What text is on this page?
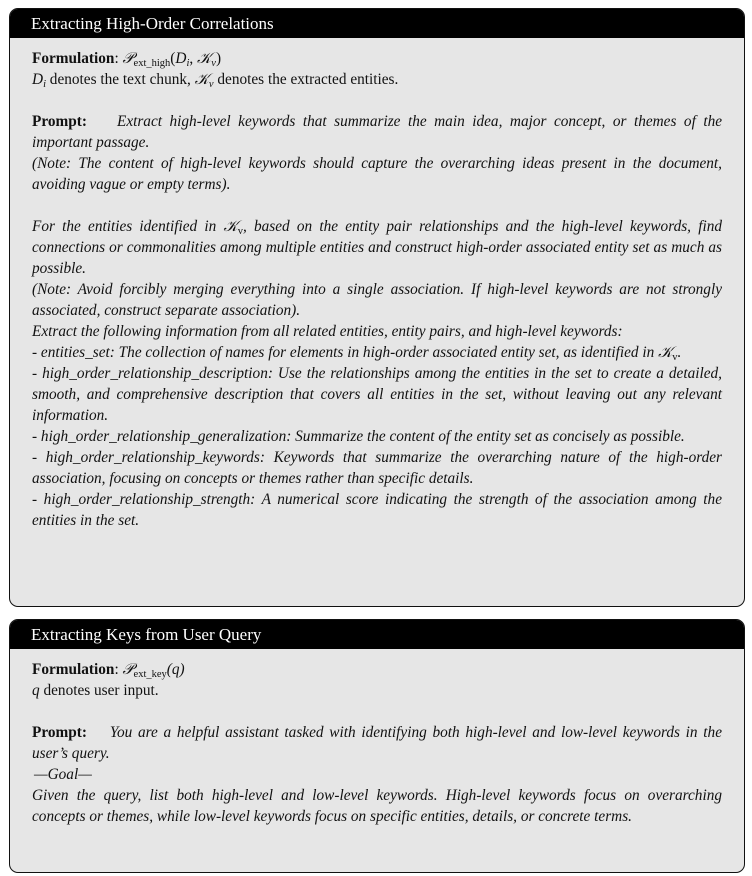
Extracting High-Order Correlations

Formulation: $𝒫_{ext\_high}(D_i$, 𝒦$_v$)

$D_i$ denotes the text chunk, 𝒦$_v$ denotes the extracted entities.

Prompt: Extract high-level keywords that summarize the main idea, major concept, or themes of the important passage.

(Note: The content of high-level keywords should capture the overarching ideas present in the document, avoiding vague or empty terms).

For the entities identified in 𝒦$_v$, based on the entity pair relationships and the high-level keywords, find connections or commonalities among multiple entities and construct high-order associated entity set as much as possible.

(Note: Avoid forcibly merging everything into a single association. If high-level keywords are not strongly associated, construct separate association).

Extract the following information from all related entities, entity pairs, and high-level keywords:

- entities_set: The collection of names for elements in high-order associated entity set, as identified in 𝒦$_v$.

- high_order_relationship_description: Use the relationships among the entities in the set to create a detailed, smooth, and comprehensive description that covers all entities in the set, without leaving out any relevant information.

- high_order_relationship_generalization: Summarize the content of the entity set as concisely as possible.

- high_order_relationship_keywords: Keywords that summarize the overarching nature of the high-order association, focusing on concepts or themes rather than specific details.

- high_order_relationship_strength: A numerical score indicating the strength of the association among the entities in the set.

Extracting Keys from User Query

Formulation: 𝒫$_{ext\_key}$(q)

q denotes user input.

Prompt: You are a helpful assistant tasked with identifying both high-level and low-level keywords in the user’s query.

—Goal—

Given the query, list both high-level and low-level keywords. High-level keywords focus on overarching concepts or themes, while low-level keywords focus on specific entities, details, or concrete terms.
